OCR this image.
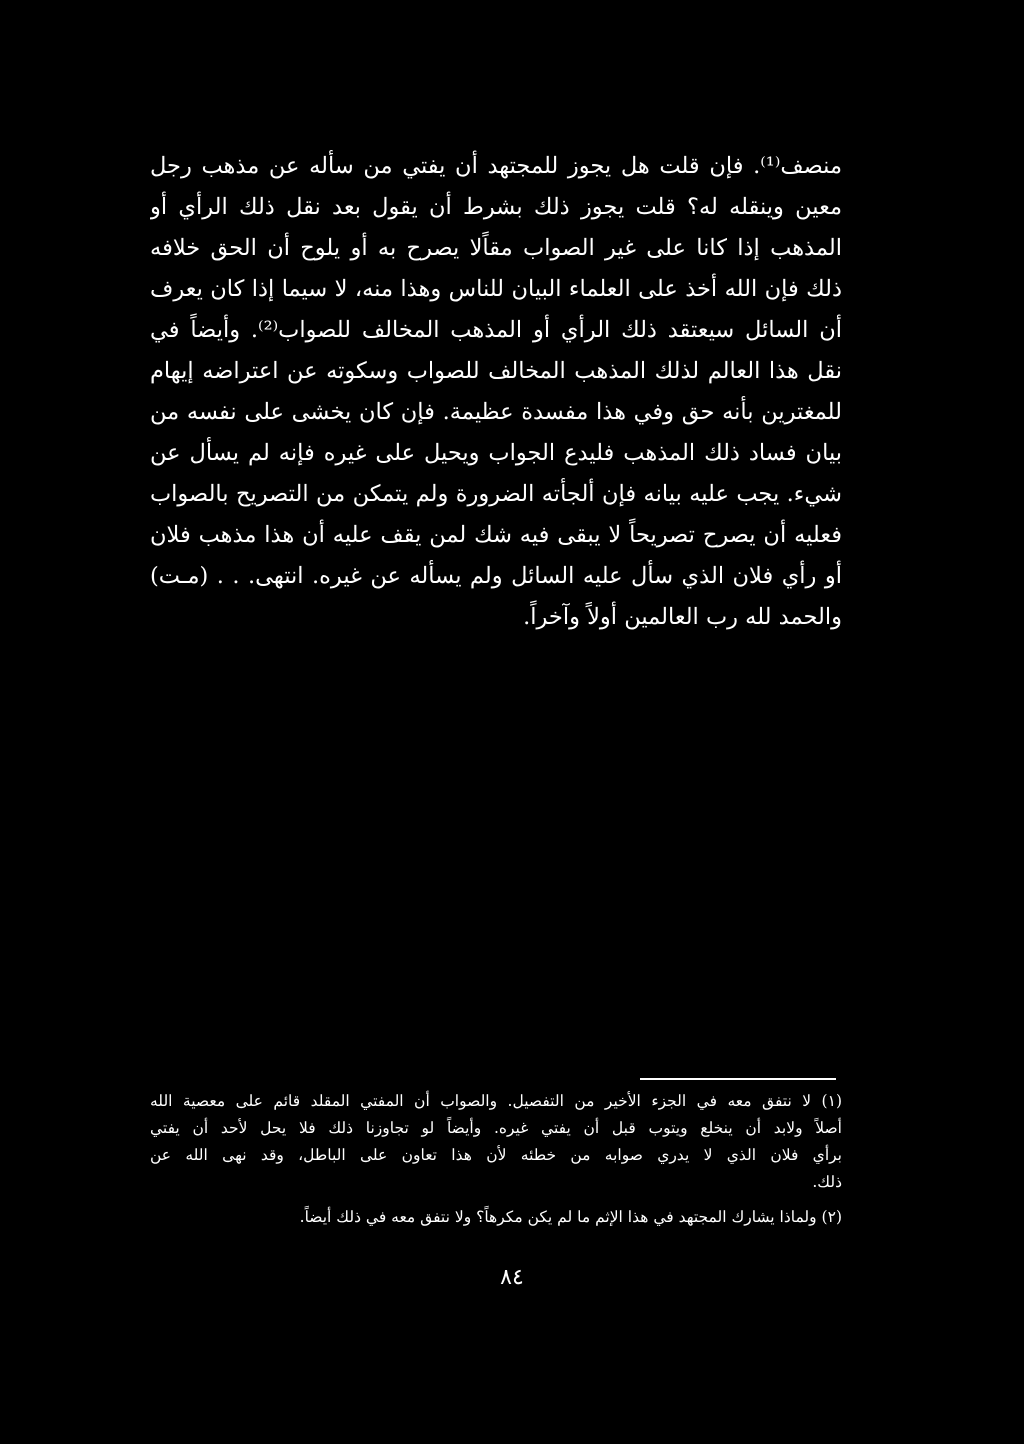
منصف⁽¹⁾. فإن قلت هل يجوز للمجتهد أن يفتي من سأله عن مذهب رجل
معين وينقله له؟ قلت يجوز ذلك بشرط أن يقول بعد نقل ذلك الرأي أو
المذهب إذا كانا على غير الصواب مقاًلا يصرح به أو يلوح أن الحق خلافه
ذلك فإن الله أخذ على العلماء البيان للناس وهذا منه، لا سيما إذا كان يعرف
أن السائل سيعتقد ذلك الرأي أو المذهب المخالف للصواب⁽²⁾. وأيضاً في
نقل هذا العالم لذلك المذهب المخالف للصواب وسكوته عن اعتراضه إيهام
للمغترين بأنه حق وفي هذا مفسدة عظيمة. فإن كان يخشى على نفسه من
بيان فساد ذلك المذهب فليدع الجواب ويحيل على غيره فإنه لم يسأل عن
شيء. يجب عليه بيانه فإن ألجأته الضرورة ولم يتمكن من التصريح بالصواب
فعليه أن يصرح تصريحاً لا يبقى فيه شك لمن يقف عليه أن هذا مذهب فلان
أو رأي فلان الذي سأل عليه السائل ولم يسأله عن غيره. انتهى. . . (مـت)
والحمد لله رب العالمين أولاً وآخراً.
(١) لا نتفق معه في الجزء الأخير من التفصيل. والصواب أن المفتي المقلد قائم على معصية الله
أصلاً ولابد أن ينخلع ويتوب قبل أن يفتي غيره. وأيضاً لو تجاوزنا ذلك فلا يحل لأحد أن يفتي
برأي فلان الذي لا يدري صوابه من خطئه لأن هذا تعاون على الباطل، وقد نهى الله عن
ذلك.
(٢) ولماذا يشارك المجتهد في هذا الإثم ما لم يكن مكرهاً؟ ولا نتفق معه في ذلك أيضاً.
٨٤
